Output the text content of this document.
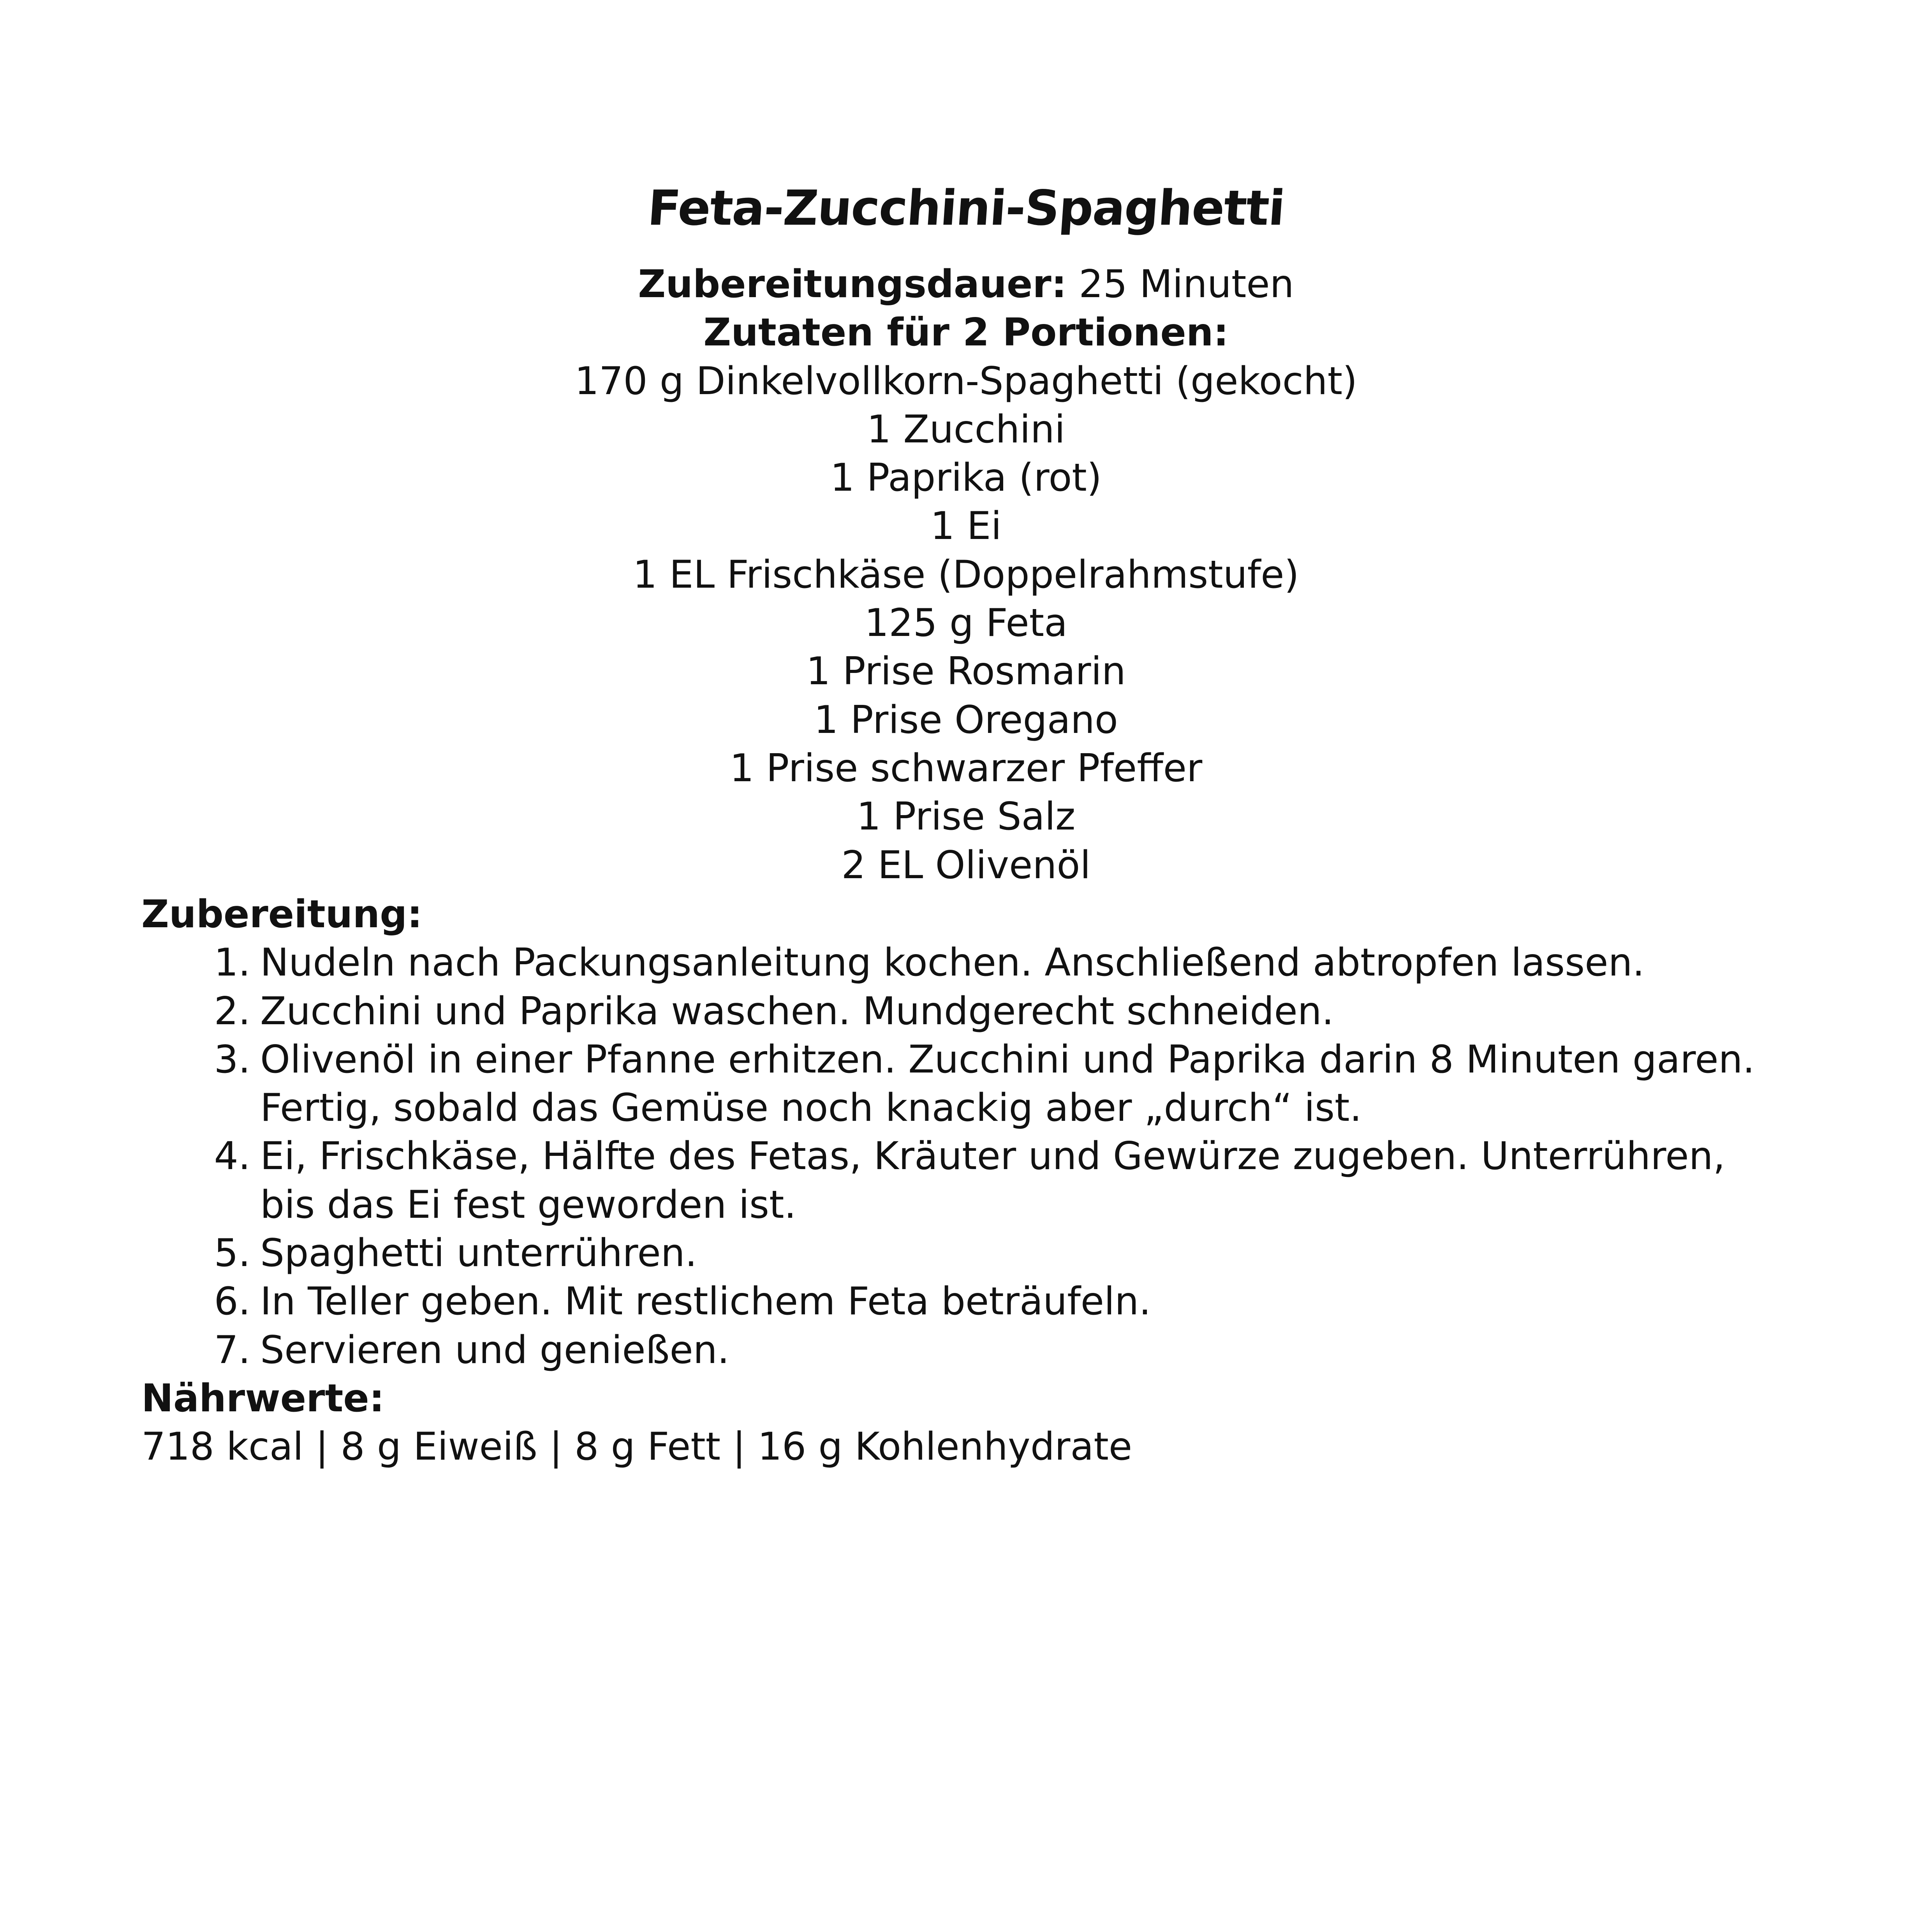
Feta-Zucchini-Spaghetti
Zubereitungsdauer: 25 Minuten
Zutaten für 2 Portionen:
170 g Dinkelvollkorn-Spaghetti (gekocht)
1 Zucchini
1 Paprika (rot)
1 Ei
1 EL Frischkäse (Doppelrahmstufe)
125 g Feta
1 Prise Rosmarin
1 Prise Oregano
1 Prise schwarzer Pfeffer
1 Prise Salz
2 EL Olivenöl
Zubereitung:
1. Nudeln nach Packungsanleitung kochen. Anschließend abtropfen lassen.
2. Zucchini und Paprika waschen. Mundgerecht schneiden.
3. Olivenöl in einer Pfanne erhitzen. Zucchini und Paprika darin 8 Minuten garen.
Fertig, sobald das Gemüse noch knackig aber „durch“ ist.
4. Ei, Frischkäse, Hälfte des Fetas, Kräuter und Gewürze zugeben. Unterrühren,
bis das Ei fest geworden ist.
5. Spaghetti unterrühren.
6. In Teller geben. Mit restlichem Feta beträufeln.
7. Servieren und genießen.
Nährwerte:
718 kcal | 8 g Eiweiß | 8 g Fett | 16 g Kohlenhydrate
